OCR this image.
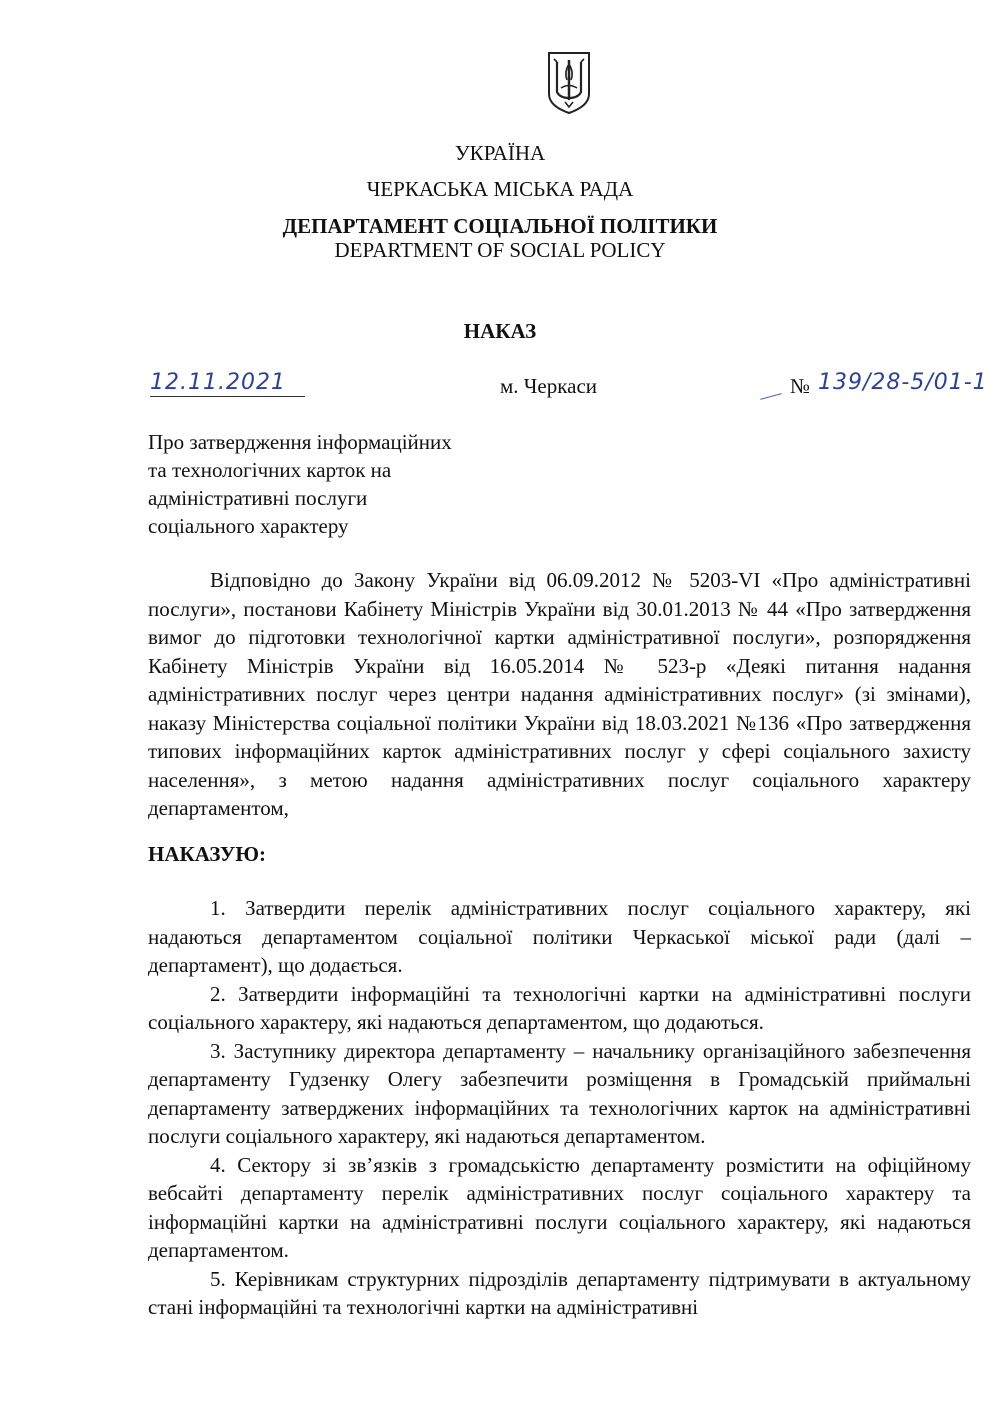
УКРАЇНА
ЧЕРКАСЬКА МІСЬКА РАДА
ДЕПАРТАМЕНТ СОЦІАЛЬНОЇ ПОЛІТИКИ
DEPARTMENT OF SOCIAL POLICY
НАКАЗ
12.11.2021	м. Черкаси	№ 139/28-5/01-1
Про затвердження інформаційних
та технологічних карток на
адміністративні послуги
соціального характеру

Відповідно до Закону України від 06.09.2012 № 5203-VI «Про адміністративні послуги», постанови Кабінету Міністрів України від 30.01.2013 № 44 «Про затвердження вимог до підготовки технологічної картки адміністративної послуги», розпорядження Кабінету Міністрів України від 16.05.2014 № 523-р «Деякі питання надання адміністративних послуг через центри надання адміністративних послуг» (зі змінами), наказу Міністерства соціальної політики України від 18.03.2021 №136 «Про затвердження типових інформаційних карток адміністративних послуг у сфері соціального захисту населення», з метою надання адміністративних послуг соціального характеру департаментом,

НАКАЗУЮ:

1. Затвердити перелік адміністративних послуг соціального характеру, які надаються департаментом соціальної політики Черкаської міської ради (далі – департамент), що додається.

2. Затвердити інформаційні та технологічні картки на адміністративні послуги соціального характеру, які надаються департаментом, що додаються.

3. Заступнику директора департаменту – начальнику організаційного забезпечення департаменту Гудзенку Олегу забезпечити розміщення в Громадській приймальні департаменту затверджених інформаційних та технологічних карток на адміністративні послуги соціального характеру, які надаються департаментом.

4. Сектору зі зв’язків з громадськістю департаменту розмістити на офіційному вебсайті департаменту перелік адміністративних послуг соціального характеру та інформаційні картки на адміністративні послуги соціального характеру, які надаються департаментом.

5. Керівникам структурних підрозділів департаменту підтримувати в актуальному стані інформаційні та технологічні картки на адміністративні
